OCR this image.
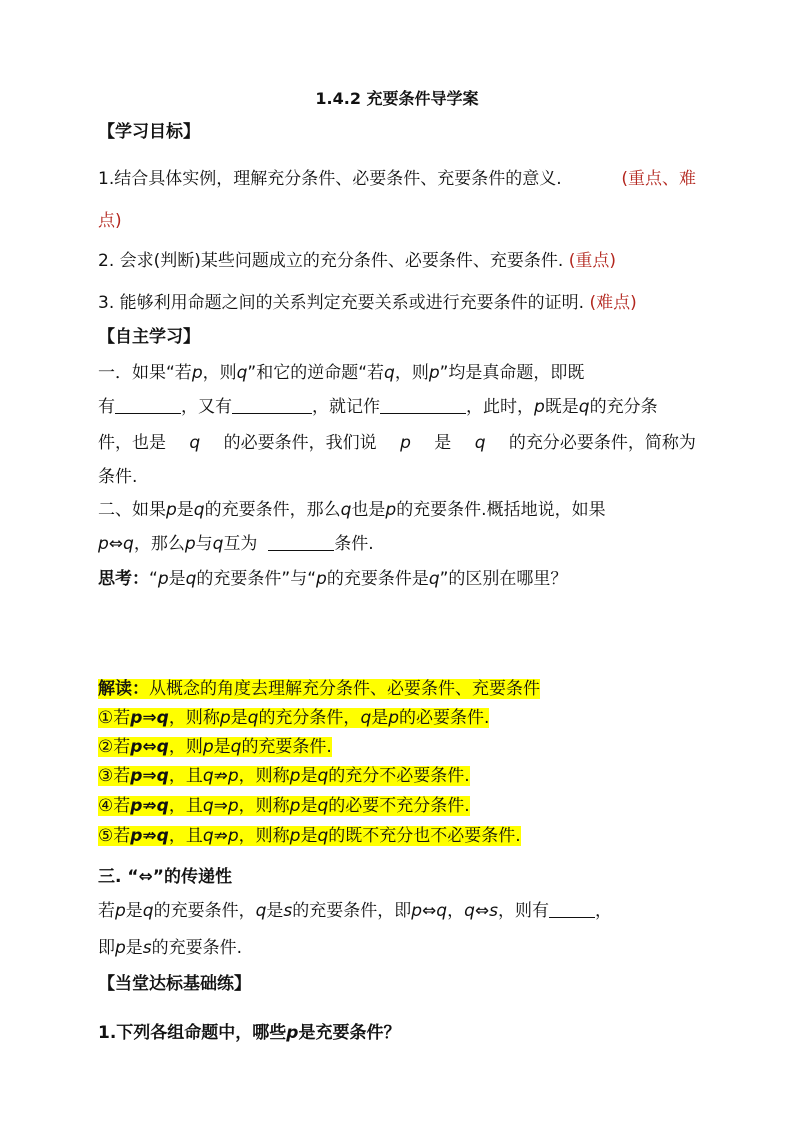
1.4.2 充要条件导学案
【学习目标】
1.结合具体实例，理解充分条件、必要条件、充要条件的意义.	(重点、难
点)
2. 会求(判断)某些问题成立的充分条件、必要条件、充要条件. (重点)
3. 能够利用命题之间的关系判定充要关系或进行充要条件的证明. (难点)
【自主学习】
一．如果“若p，则q”和它的逆命题“若q，则p”均是真命题，即既
有	，又有	，就记作	，此时，p既是q的充分条
件，也是 q 的必要条件，我们说 p 是 q 的充分必要条件，简称为
条件.
二、如果p是q的充要条件，那么q也是p的充要条件.概括地说，如果
p⇔q，那么p与q互为	条件.
思考：“p是q的充要条件”与“p的充要条件是q”的区别在哪里？
解读：从概念的角度去理解充分条件、必要条件、充要条件
①若p⇒q，则称p是q的充分条件，q是p的必要条件.
②若p⇔q，则p是q的充要条件.
③若p⇒q，且q⇏p，则称p是q的充分不必要条件.
④若p⇏q，且q⇒p，则称p是q的必要不充分条件.
⑤若p⇏q，且q⇏p，则称p是q的既不充分也不必要条件.
三. “⇔”的传递性
若p是q的充要条件，q是s的充要条件，即p⇔q，q⇔s，则有	，
即p是s的充要条件.
【当堂达标基础练】
1.下列各组命题中，哪些p是充要条件？
